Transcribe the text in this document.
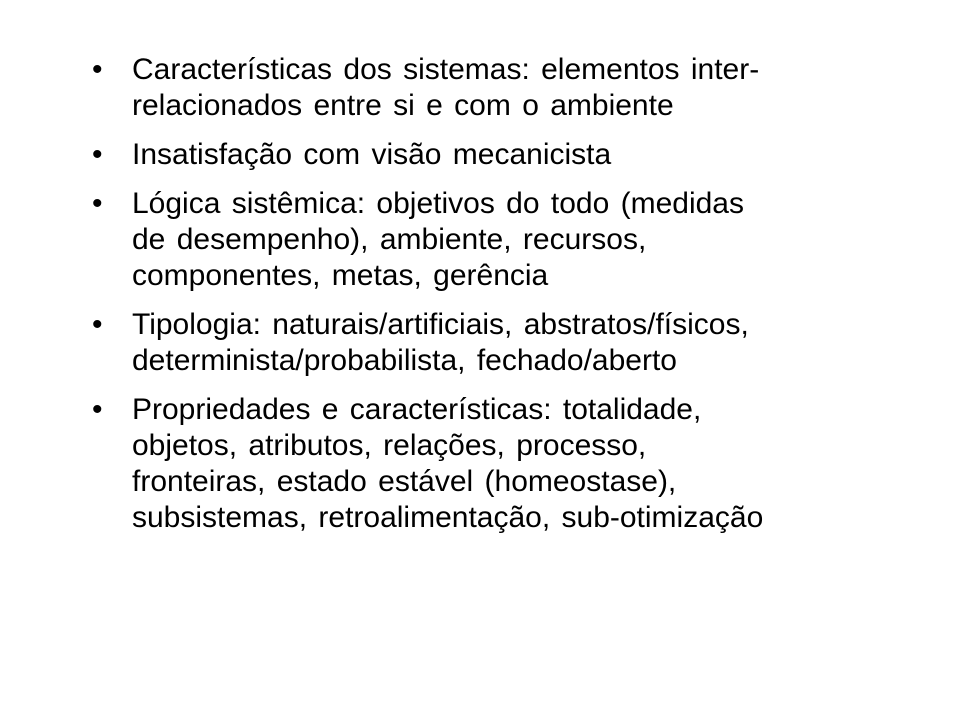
• Características dos sistemas: elementos inter-
relacionados entre si e com o ambiente
• Insatisfação com visão mecanicista
• Lógica sistêmica: objetivos do todo (medidas
de desempenho), ambiente, recursos,
componentes, metas, gerência
• Tipologia: naturais/artificiais, abstratos/físicos,
determinista/probabilista, fechado/aberto
• Propriedades e características: totalidade,
objetos, atributos, relações, processo,
fronteiras, estado estável (homeostase),
subsistemas, retroalimentação, sub-otimização
